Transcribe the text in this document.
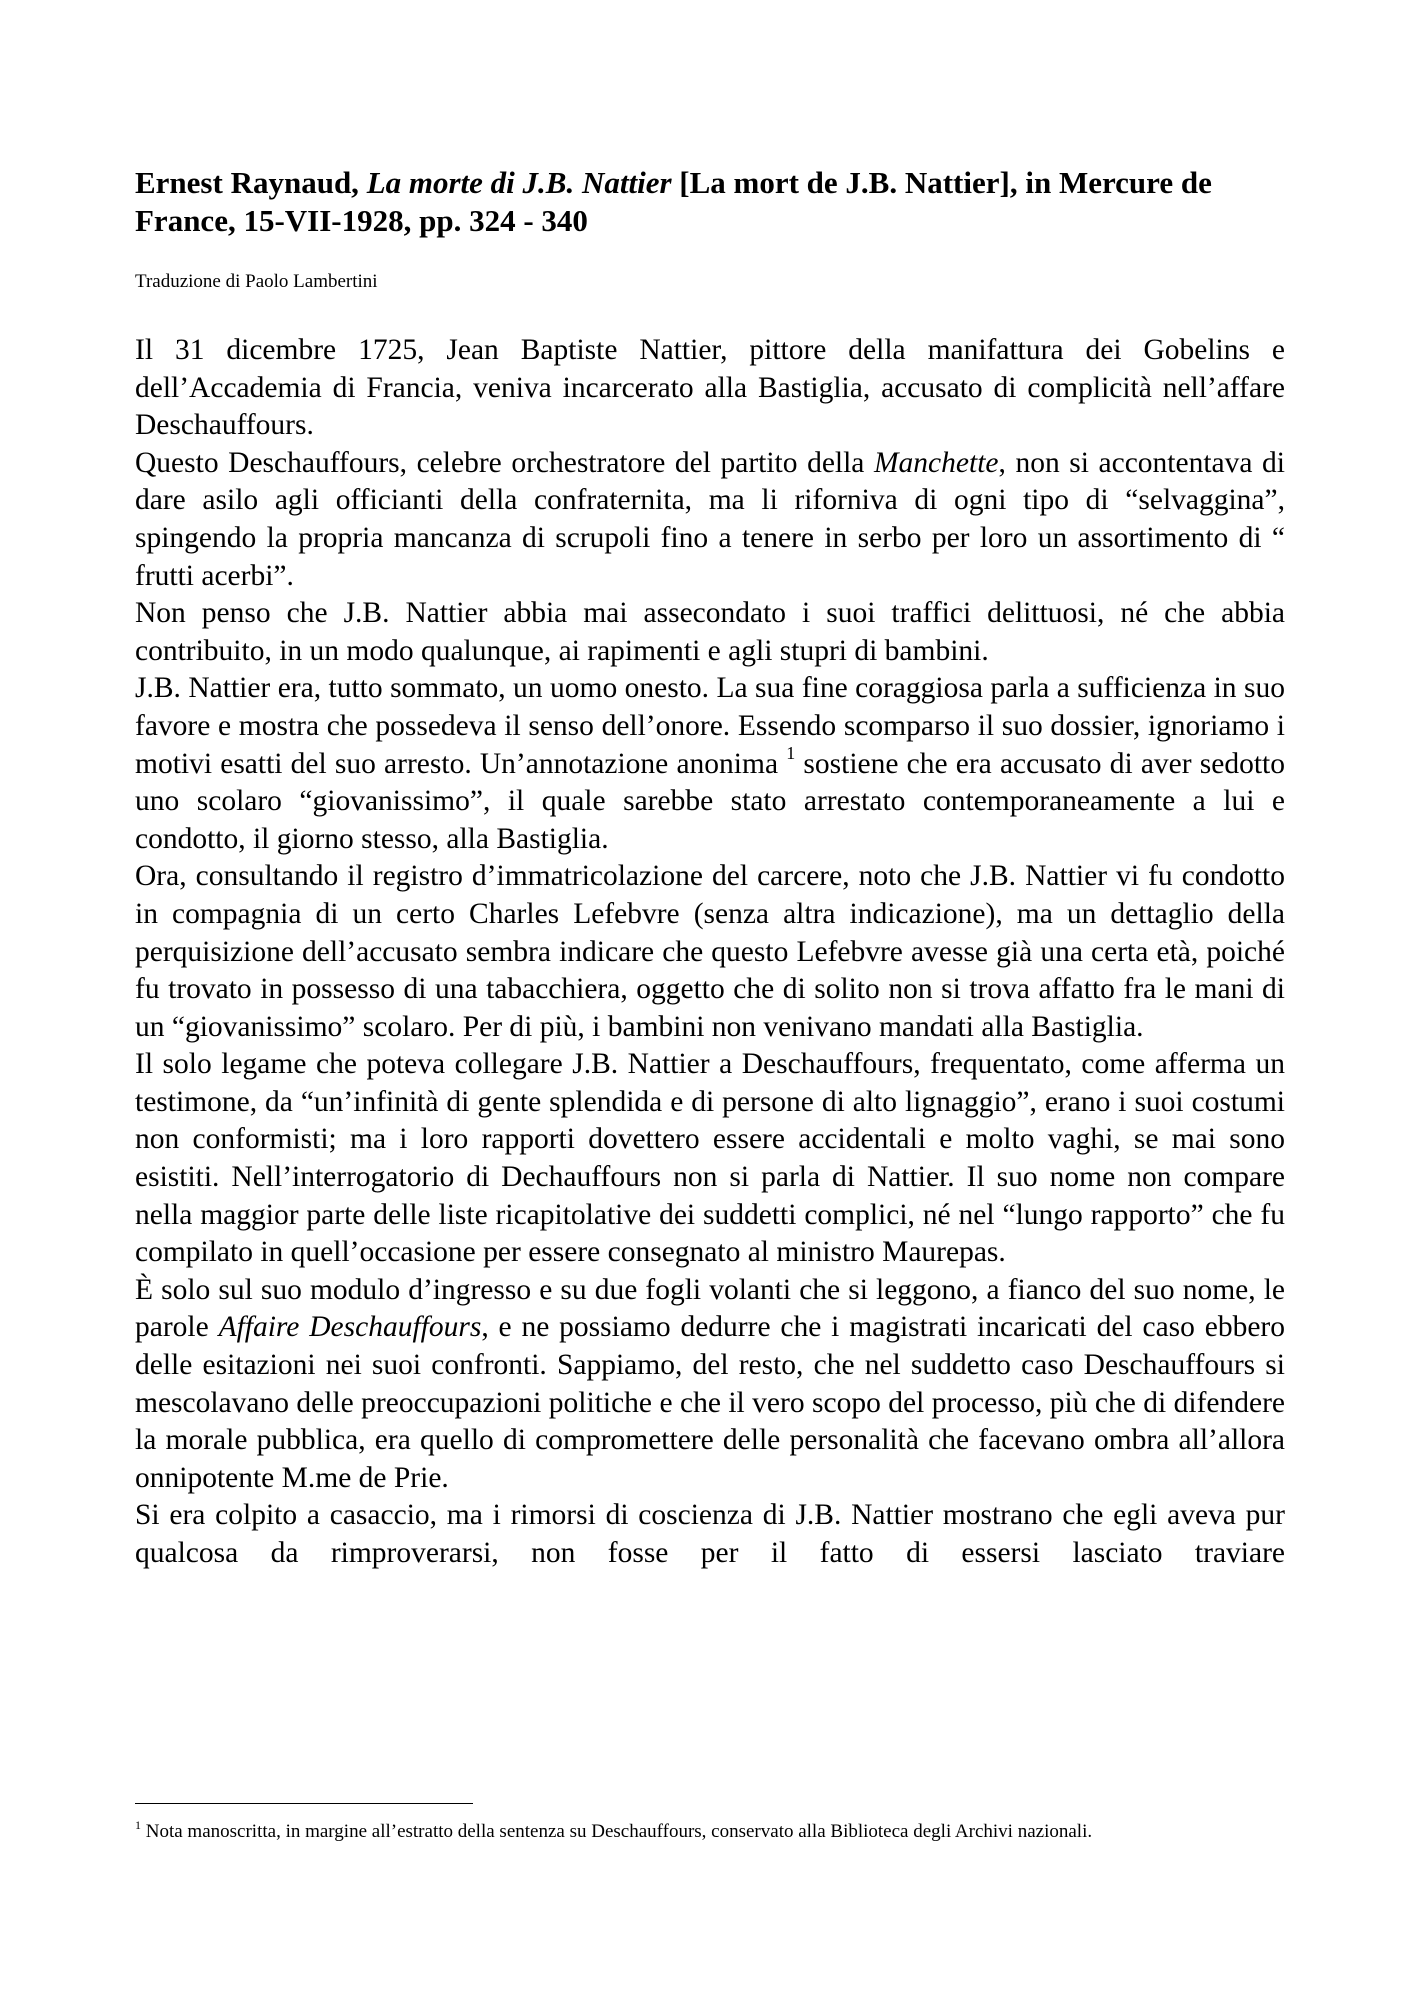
Ernest Raynaud, La morte di J.B. Nattier [La mort de J.B. Nattier], in Mercure de France, 15-VII-1928, pp. 324 - 340
Traduzione di Paolo Lambertini

Il 31 dicembre 1725, Jean Baptiste Nattier, pittore della manifattura dei Gobelins e dell’Accademia di Francia, veniva incarcerato alla Bastiglia, accusato di complicità nell’affare Deschauffours.

Questo Deschauffours, celebre orchestratore del partito della Manchette, non si accontentava di dare asilo agli officianti della confraternita, ma li riforniva di ogni tipo di “selvaggina”, spingendo la propria mancanza di scrupoli fino a tenere in serbo per loro un assortimento di “ frutti acerbi”.

Non penso che J.B. Nattier abbia mai assecondato i suoi traffici delittuosi, né che abbia contribuito, in un modo qualunque, ai rapimenti e agli stupri di bambini.

J.B. Nattier era, tutto sommato, un uomo onesto. La sua fine coraggiosa parla a sufficienza in suo favore e mostra che possedeva il senso dell’onore. Essendo scomparso il suo dossier, ignoriamo i motivi esatti del suo arresto. Un’annotazione anonima $^1$ sostiene che era accusato di aver sedotto uno scolaro “giovanissimo”, il quale sarebbe stato arrestato contemporaneamente a lui e condotto, il giorno stesso, alla Bastiglia.

Ora, consultando il registro d’immatricolazione del carcere, noto che J.B. Nattier vi fu condotto in compagnia di un certo Charles Lefebvre (senza altra indicazione), ma un dettaglio della perquisizione dell’accusato sembra indicare che questo Lefebvre avesse già una certa età, poiché fu trovato in possesso di una tabacchiera, oggetto che di solito non si trova affatto fra le mani di un “giovanissimo” scolaro. Per di più, i bambini non venivano mandati alla Bastiglia.

Il solo legame che poteva collegare J.B. Nattier a Deschauffours, frequentato, come afferma un testimone, da “un’infinità di gente splendida e di persone di alto lignaggio”, erano i suoi costumi non conformisti; ma i loro rapporti dovettero essere accidentali e molto vaghi, se mai sono esistiti. Nell’interrogatorio di Dechauffours non si parla di Nattier. Il suo nome non compare nella maggior parte delle liste ricapitolative dei suddetti complici, né nel “lungo rapporto” che fu compilato in quell’occasione per essere consegnato al ministro Maurepas.

È solo sul suo modulo d’ingresso e su due fogli volanti che si leggono, a fianco del suo nome, le parole Affaire Deschauffours, e ne possiamo dedurre che i magistrati incaricati del caso ebbero delle esitazioni nei suoi confronti. Sappiamo, del resto, che nel suddetto caso Deschauffours si mescolavano delle preoccupazioni politiche e che il vero scopo del processo, più che di difendere la morale pubblica, era quello di compromettere delle personalità che facevano ombra all’allora onnipotente M.me de Prie.

Si era colpito a casaccio, ma i rimorsi di coscienza di J.B. Nattier mostrano che egli aveva pur qualcosa da rimproverarsi, non fosse per il fatto di essersi lasciato traviare

$^1$ Nota manoscritta, in margine all’estratto della sentenza su Deschauffours, conservato alla Biblioteca degli Archivi nazionali.
